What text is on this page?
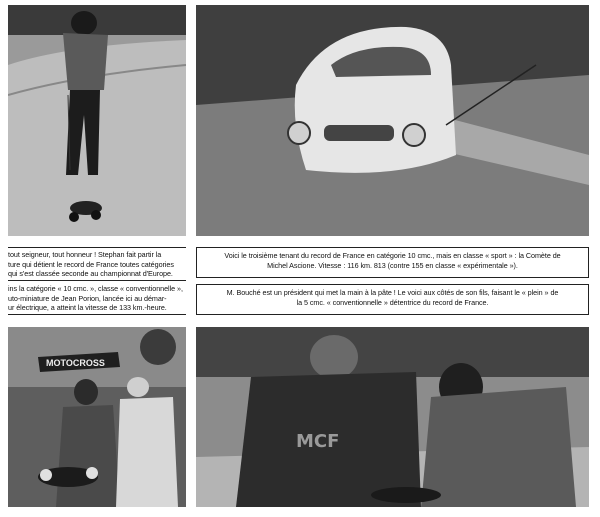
tout seigneur, tout honneur ! Stephan fait partir la

ture qui détient le record de France toutes catégories

qui s'est classée seconde au championnat d'Europe.

Voici le troisième tenant du record de France en catégorie 10 cmc., mais en classe « sport » : la Comète de

Michel Ascione. Vitesse : 116 km. 813 (contre 155 en classe « expérimentale »).

ins la catégorie « 10 cmc. », classe « conventionnelle »,

uto-miniature de Jean Porion, lancée ici au démar-

ur électrique, a atteint la vitesse de 133 km.-heure.

M. Bouché est un président qui met la main à la pâte ! Le voici aux côtés de son fils, faisant le « plein » de

la 5 cmc. « conventionnelle » détentrice du record de France.

MOTOCROSS
MCF
